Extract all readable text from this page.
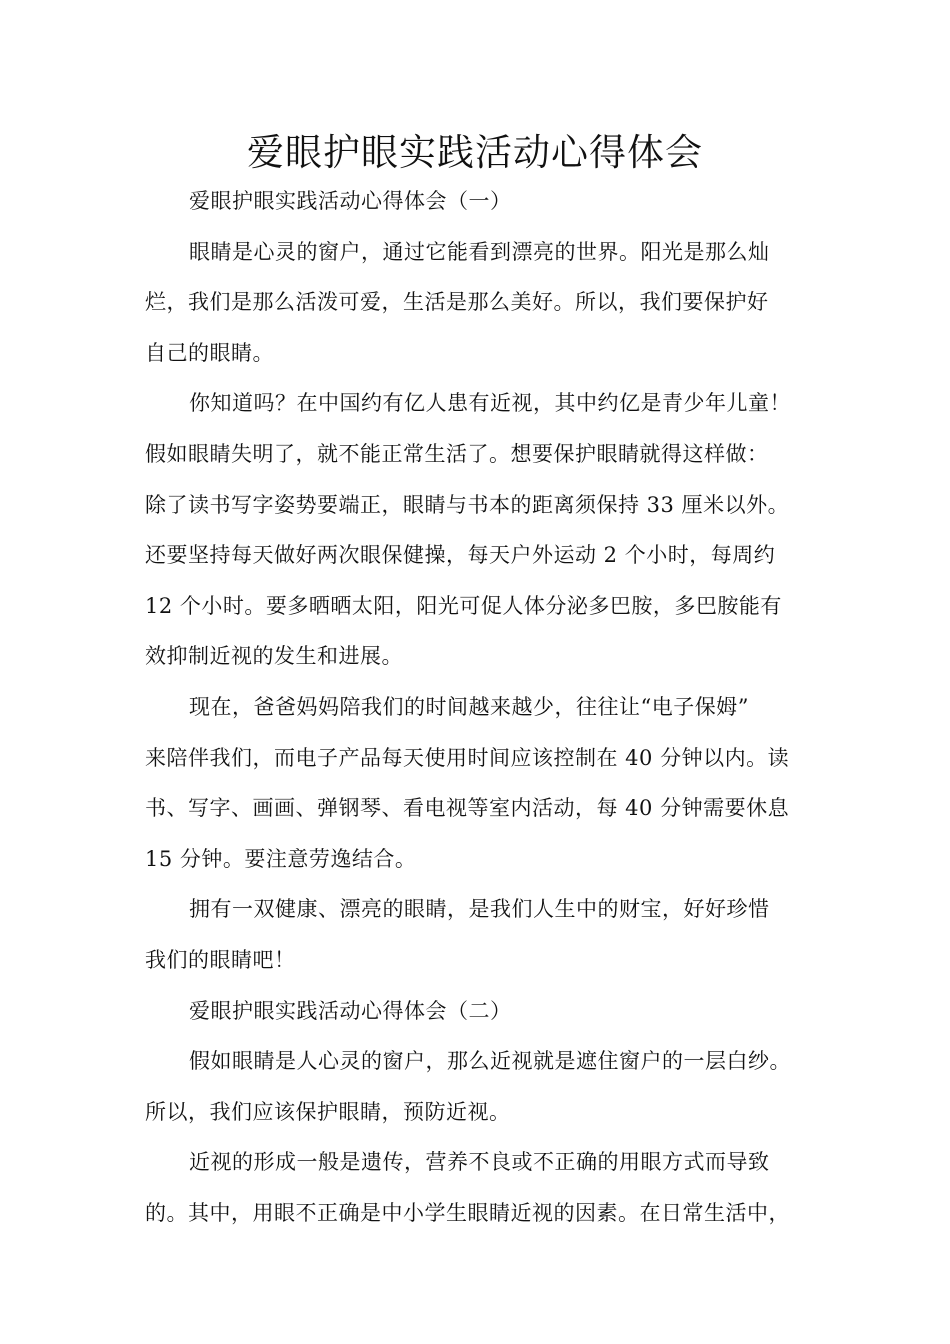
爱眼护眼实践活动心得体会
爱眼护眼实践活动心得体会（一）
眼睛是心灵的窗户，通过它能看到漂亮的世界。阳光是那么灿
烂，我们是那么活泼可爱，生活是那么美好。所以，我们要保护好
自己的眼睛。
你知道吗？在中国约有亿人患有近视，其中约亿是青少年儿童！
假如眼睛失明了，就不能正常生活了。想要保护眼睛就得这样做：
除了读书写字姿势要端正，眼睛与书本的距离须保持 33 厘米以外。
还要坚持每天做好两次眼保健操，每天户外运动 2 个小时，每周约
12 个小时。要多晒晒太阳，阳光可促人体分泌多巴胺，多巴胺能有
效抑制近视的发生和进展。
现在，爸爸妈妈陪我们的时间越来越少，往往让“电子保姆”
来陪伴我们，而电子产品每天使用时间应该控制在 40 分钟以内。读
书、写字、画画、弹钢琴、看电视等室内活动，每 40 分钟需要休息
15 分钟。要注意劳逸结合。
拥有一双健康、漂亮的眼睛，是我们人生中的财宝，好好珍惜
我们的眼睛吧！
爱眼护眼实践活动心得体会（二）
假如眼睛是人心灵的窗户，那么近视就是遮住窗户的一层白纱。
所以，我们应该保护眼睛，预防近视。
近视的形成一般是遗传，营养不良或不正确的用眼方式而导致
的。其中，用眼不正确是中小学生眼睛近视的因素。在日常生活中，
